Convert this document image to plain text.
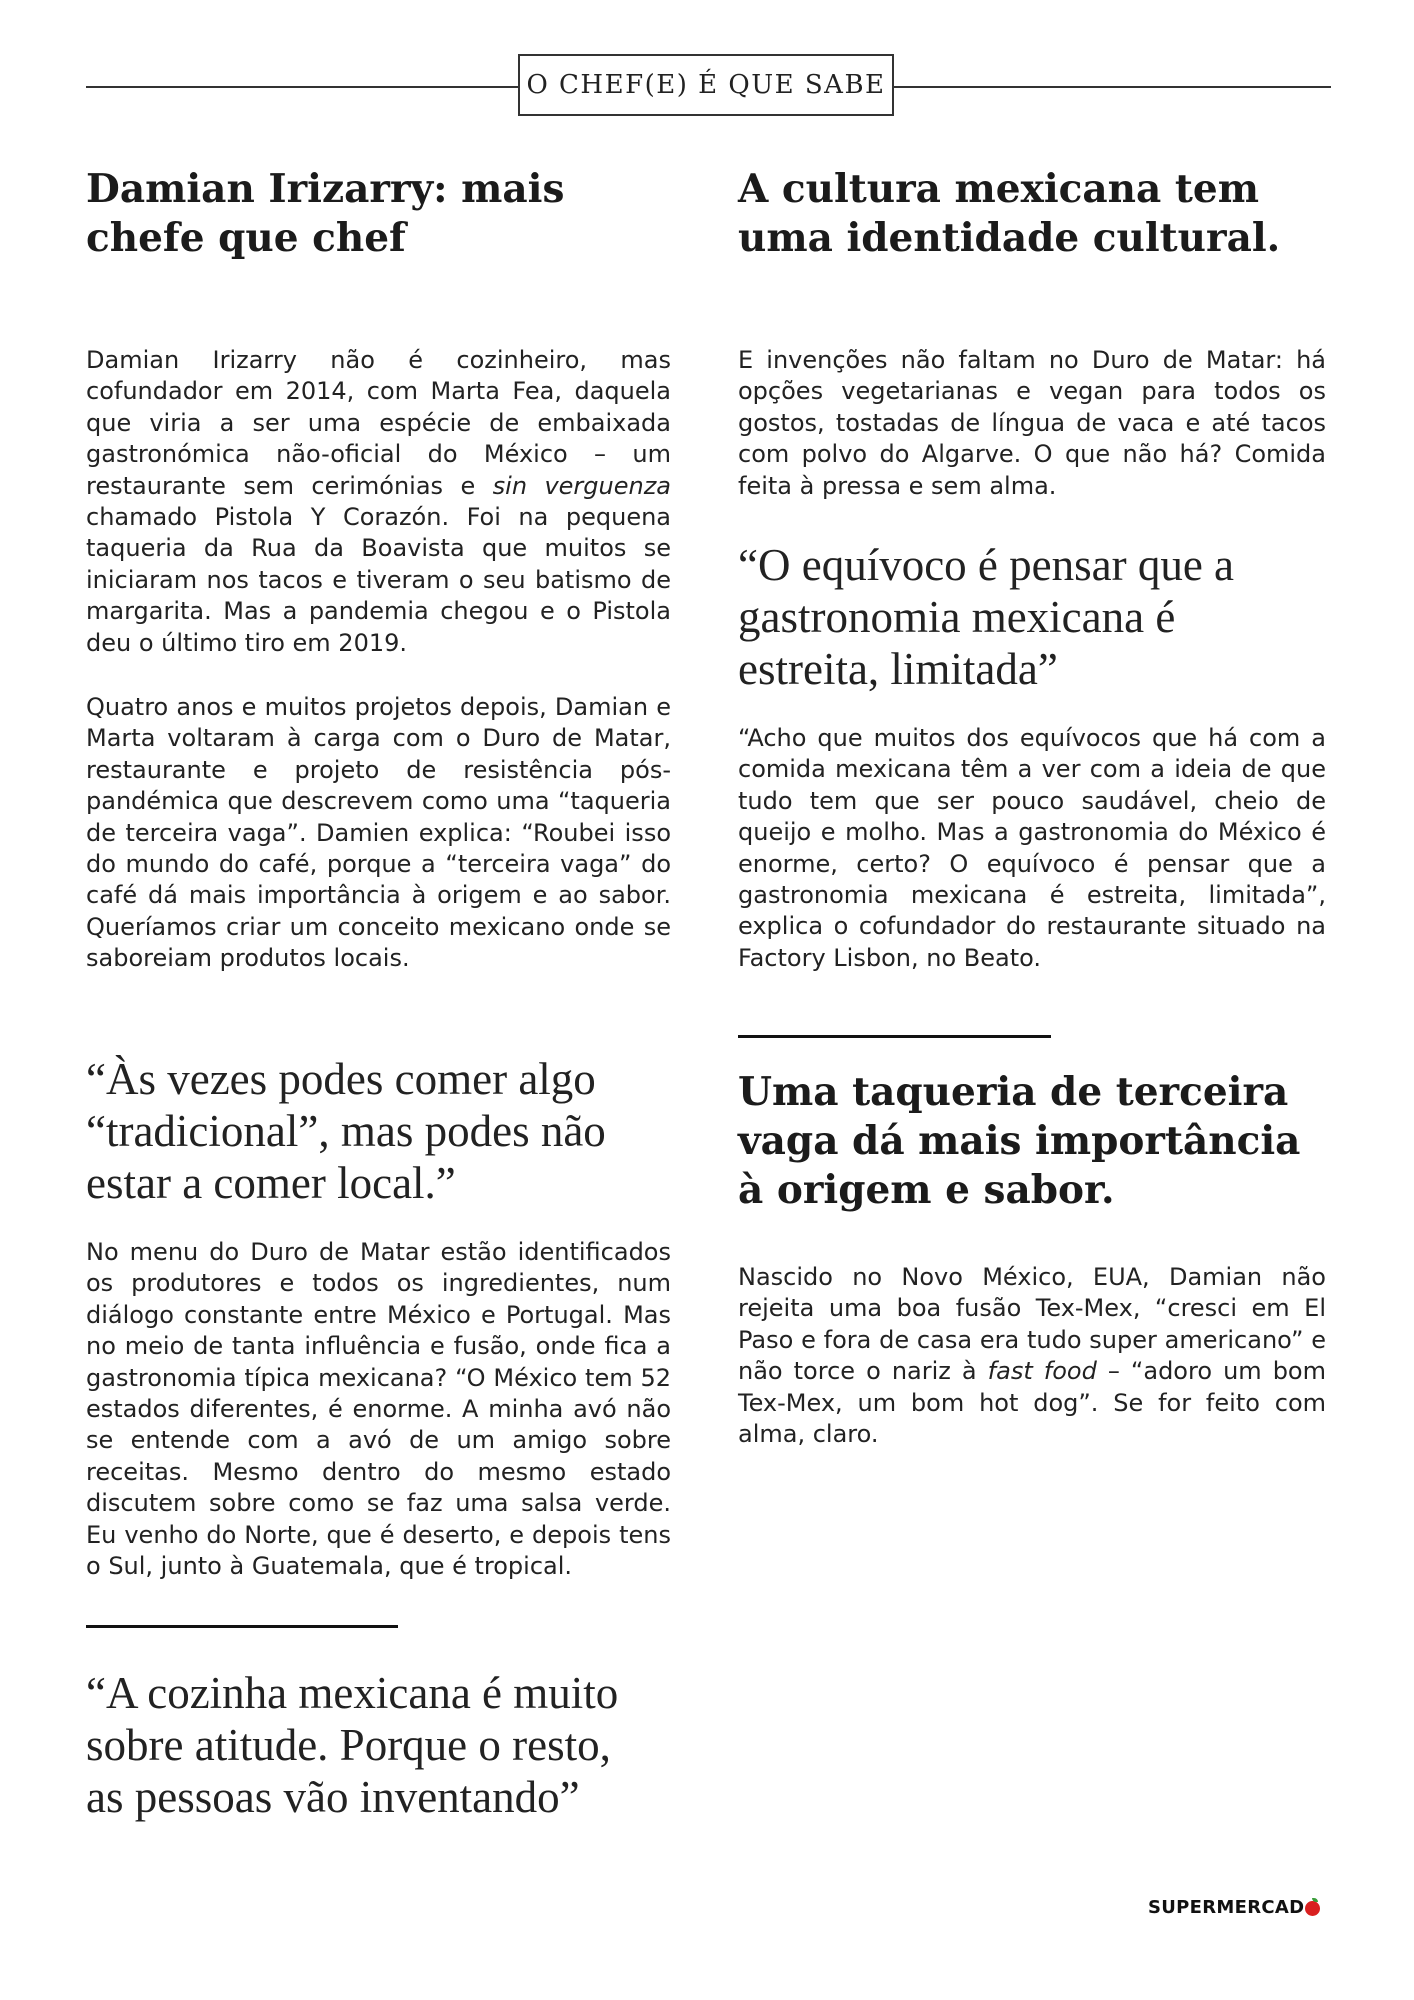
O CHEF(E) É QUE SABE
Damian Irizarry: mais chefe que chef

Damian Irizarry não é cozinheiro, mas cofundador em 2014, com Marta Fea, daquela que viria a ser uma espécie de embaixada gastronómica não-oficial do México – um restaurante sem cerimónias e sin verguenza chamado Pistola Y Corazón. Foi na pequena taqueria da Rua da Boavista que muitos se iniciaram nos tacos e tiveram o seu batismo de margarita. Mas a pandemia chegou e o Pistola deu o último tiro em 2019.

Quatro anos e muitos projetos depois, Damian e Marta voltaram à carga com o Duro de Matar, restaurante e projeto de resistência pós-pandémica que descrevem como uma “taqueria de terceira vaga”. Damien explica: “Roubei isso do mundo do café, porque a “terceira vaga” do café dá mais importância à origem e ao sabor. Queríamos criar um conceito mexicano onde se saboreiam produtos locais.

“Às vezes podes comer algo “tradicional”, mas podes não estar a comer local.”

No menu do Duro de Matar estão identificados os produtores e todos os ingredientes, num diálogo constante entre México e Portugal. Mas no meio de tanta influência e fusão, onde fica a gastronomia típica mexicana? “O México tem 52 estados diferentes, é enorme. A minha avó não se entende com a avó de um amigo sobre receitas. Mesmo dentro do mesmo estado discutem sobre como se faz uma salsa verde. Eu venho do Norte, que é deserto, e depois tens o Sul, junto à Guatemala, que é tropical.

“A cozinha mexicana é muito sobre atitude. Porque o resto, as pessoas vão inventando”
A cultura mexicana tem uma identidade cultural.

E invenções não faltam no Duro de Matar: há opções vegetarianas e vegan para todos os gostos, tostadas de língua de vaca e até tacos com polvo do Algarve. O que não há? Comida feita à pressa e sem alma.

“O equívoco é pensar que a gastronomia mexicana é estreita, limitada”

“Acho que muitos dos equívocos que há com a comida mexicana têm a ver com a ideia de que tudo tem que ser pouco saudável, cheio de queijo e molho. Mas a gastronomia do México é enorme, certo? O equívoco é pensar que a gastronomia mexicana é estreita, limitada”, explica o cofundador do restaurante situado na Factory Lisbon, no Beato.

Uma taqueria de terceira vaga dá mais importância à origem e sabor.

Nascido no Novo México, EUA, Damian não rejeita uma boa fusão Tex-Mex, “cresci em El Paso e fora de casa era tudo super americano” e não torce o nariz à fast food – “adoro um bom Tex-Mex, um bom hot dog”. Se for feito com alma, claro.

SUPERMERCAD
